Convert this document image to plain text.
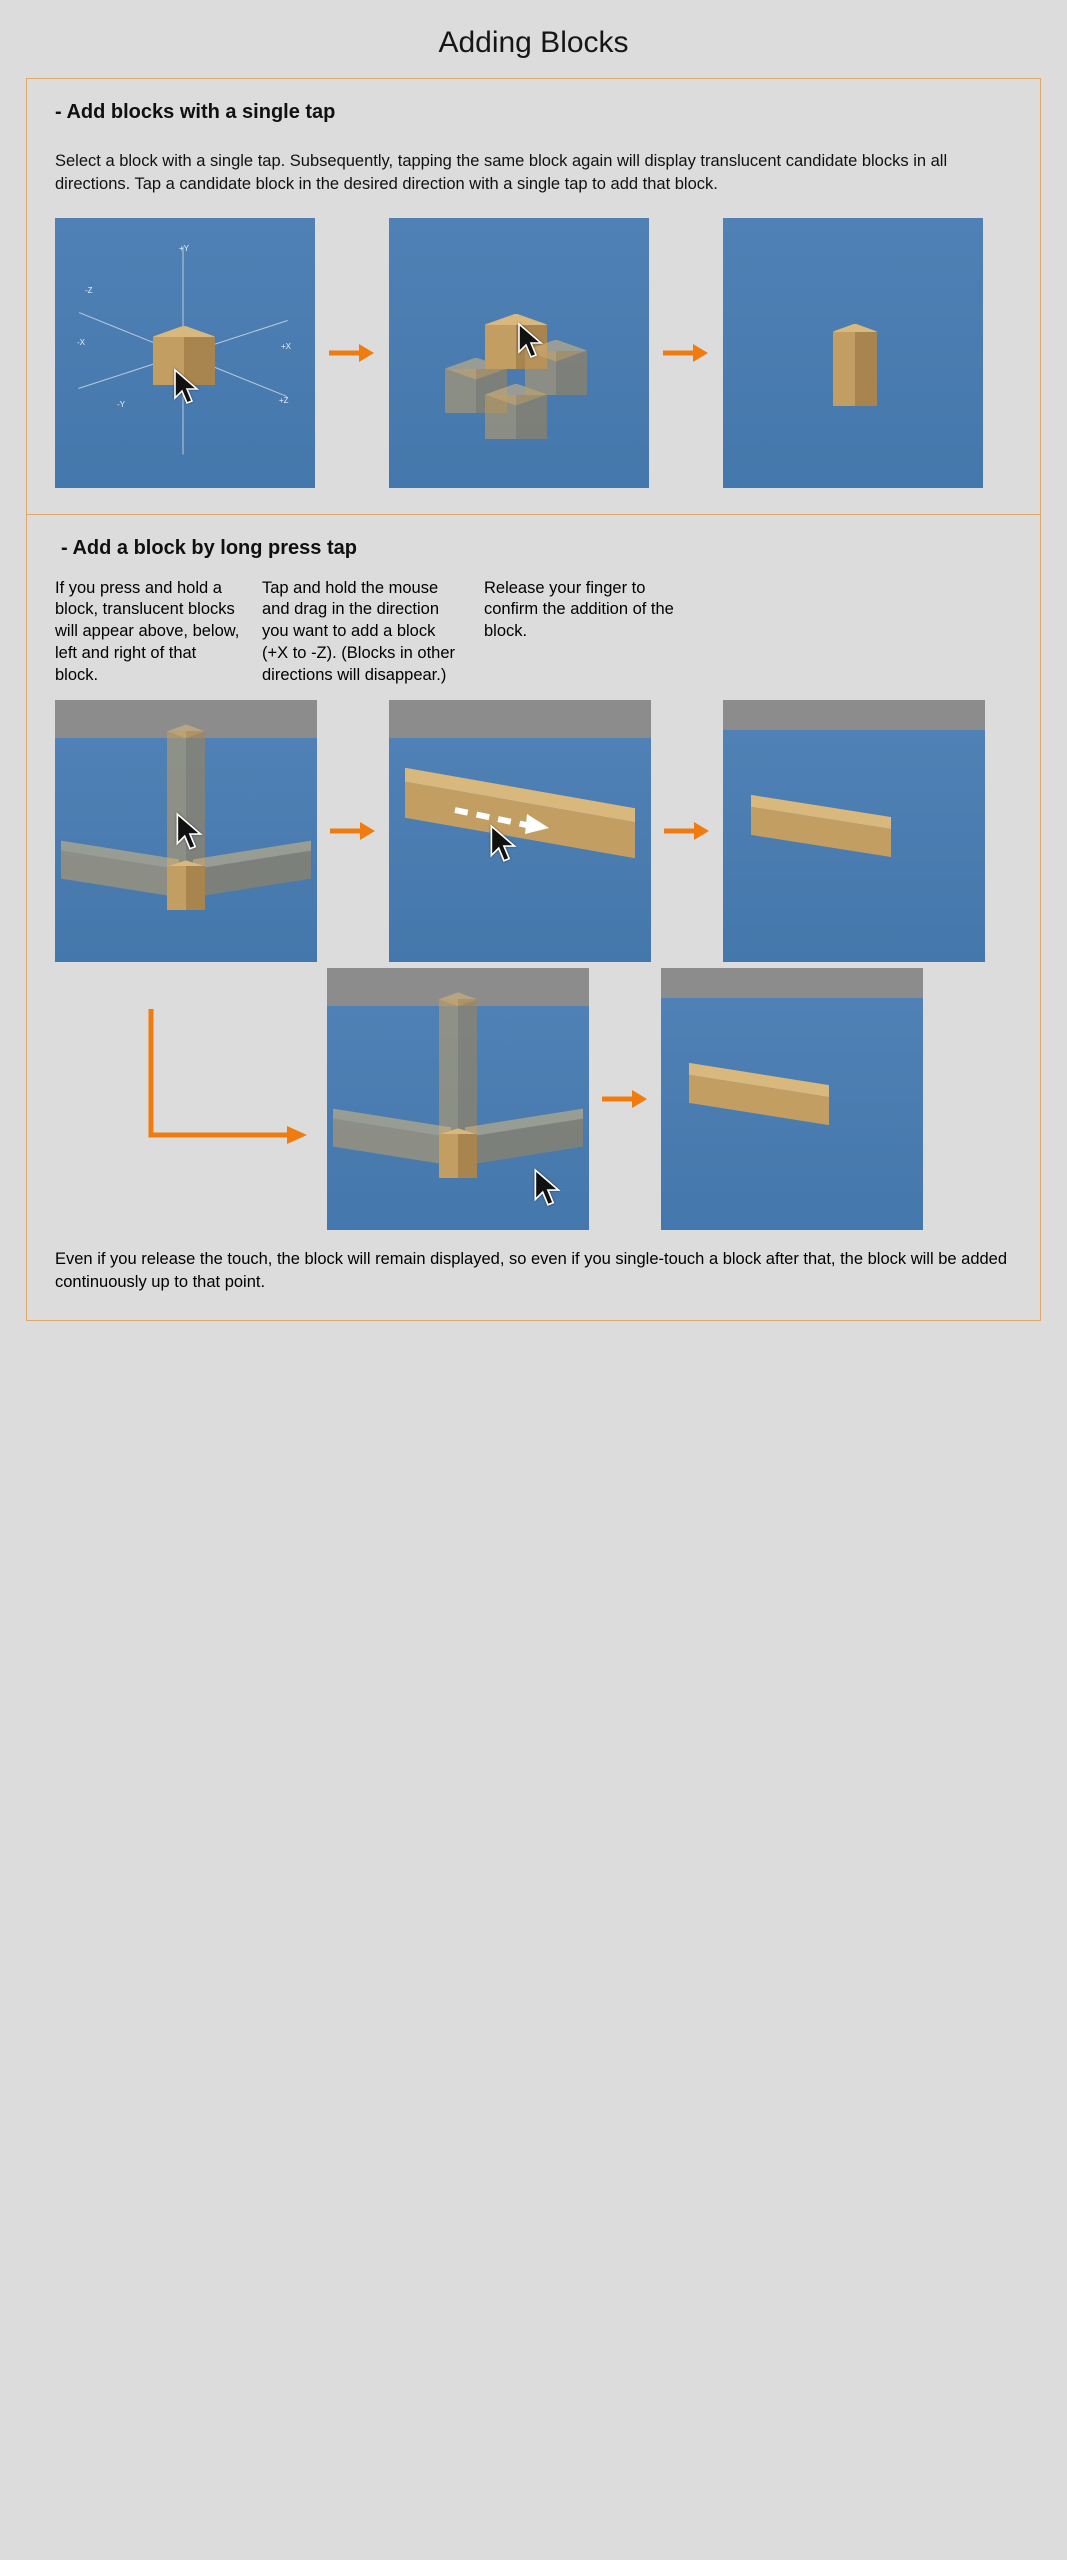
Adding Blocks
- Add blocks with a single tap

Select a block with a single tap. Subsequently, tapping the same block again will display translucent candidate blocks in all directions. Tap a candidate block in the desired direction with a single tap to add that block.

+Y
-X	+X
-Y	+Z
-Z
- Add a block by long press tap
If you press and hold a block, translucent blocks will appear above, below, left and right of that block.
Tap and hold the mouse and drag in the direction you want to add a block (+X to -Z). (Blocks in other directions will disappear.)
Release your finger to confirm the addition of the block.

Even if you release the touch, the block will remain displayed, so even if you single-touch a block after that, the block will be added continuously up to that point.
